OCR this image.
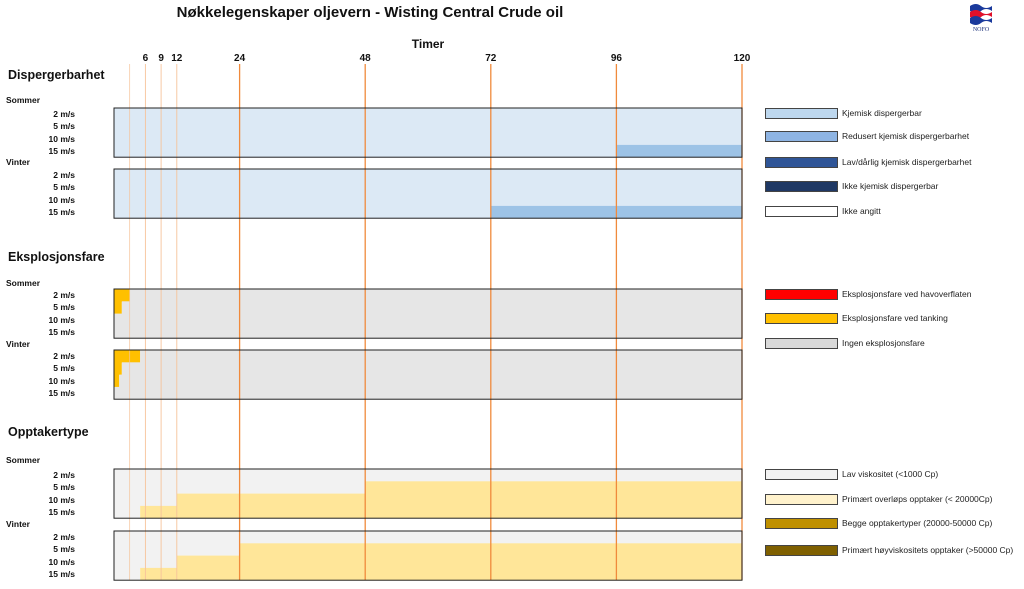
Nøkkelegenskaper oljevern - Wisting Central Crude oil
Timer
NOFO
Dispergerbarhet
Sommer
2 m/s
5 m/s
10 m/s
15 m/s
Vinter
2 m/s
5 m/s
10 m/s
15 m/s
Kjemisk dispergerbar
Redusert kjemisk dispergerbarhet
Lav/dårlig kjemisk dispergerbarhet
Ikke kjemisk dispergerbar
Ikke angitt
Eksplosjonsfare
Sommer
2 m/s
5 m/s
10 m/s
15 m/s
Vinter
2 m/s
5 m/s
10 m/s
15 m/s
Eksplosjonsfare ved havoverflaten
Eksplosjonsfare ved tanking
Ingen eksplosjonsfare
Opptakertype
Sommer
2 m/s
5 m/s
10 m/s
15 m/s
Vinter
2 m/s
5 m/s
10 m/s
15 m/s
Lav viskositet (<1000 Cp)
Primært overløps opptaker (< 20000Cp)
Begge opptakertyper (20000-50000 Cp)
Primært høyviskositets opptaker (>50000 Cp)
6 9 12	24	48	72	96	120
